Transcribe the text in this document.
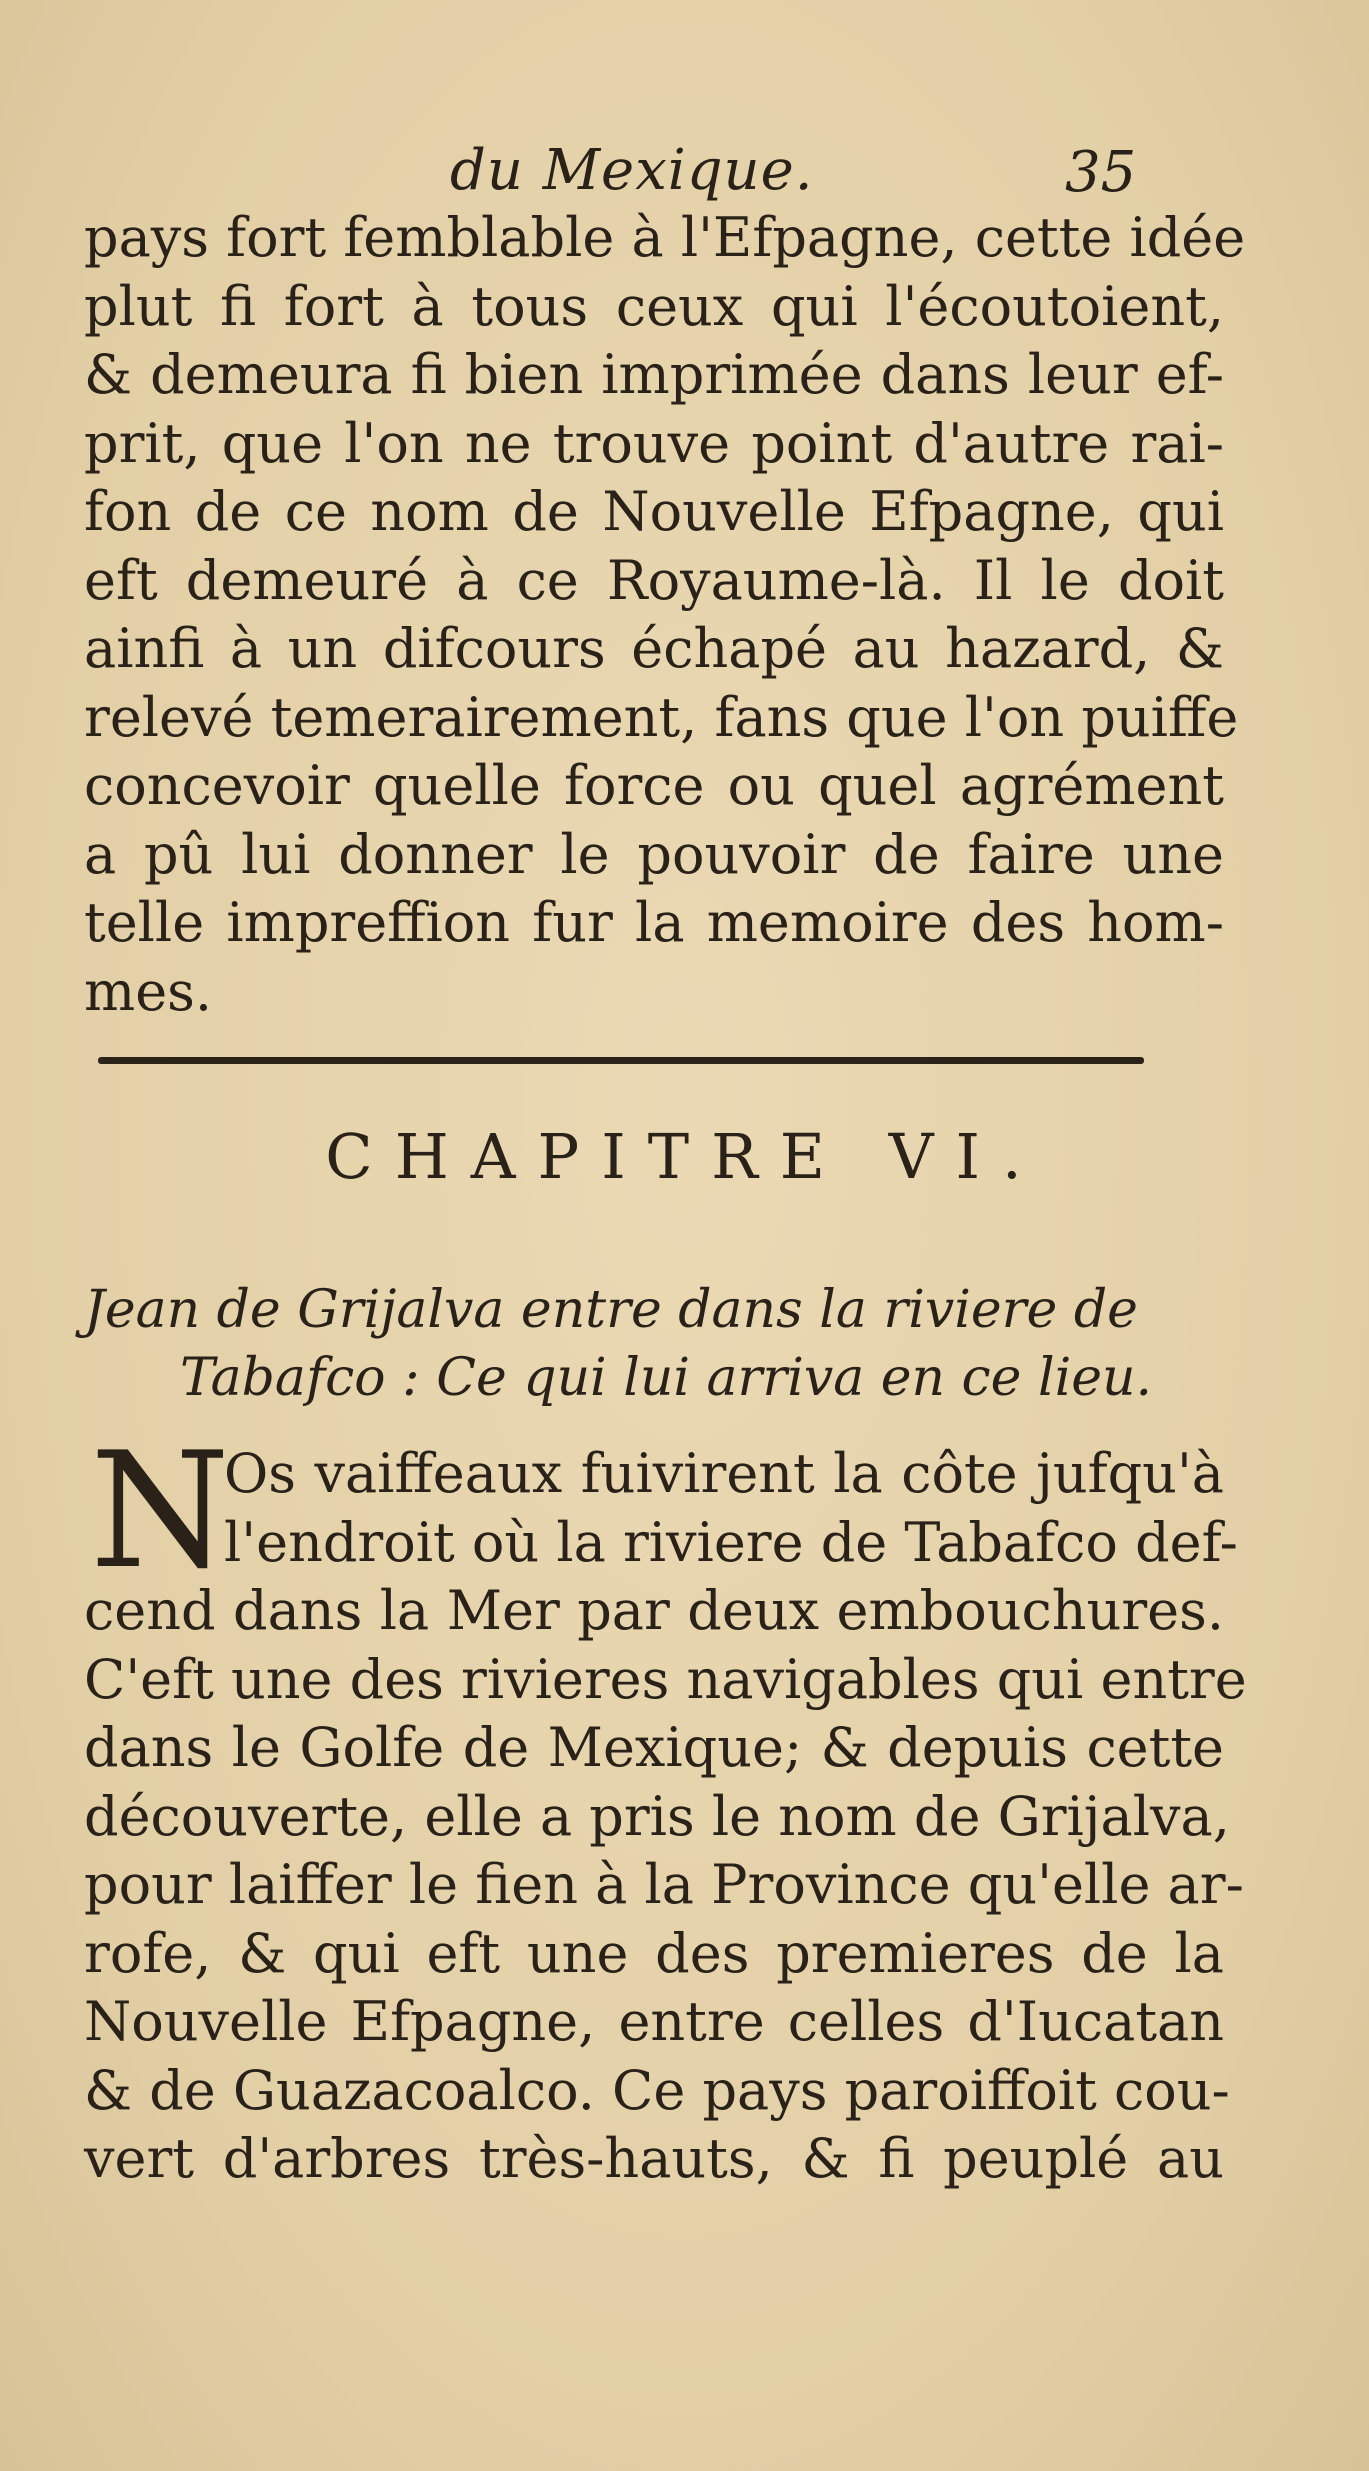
du Mexique.	35
pays fort femblable à l'Efpagne, cette idée
plut fi fort à tous ceux qui l'écoutoient,
& demeura fi bien imprimée dans leur ef-
prit, que l'on ne trouve point d'autre rai-
fon de ce nom de Nouvelle Efpagne, qui
eft demeuré à ce Royaume-là. Il le doit
ainfi à un difcours échapé au hazard, &
relevé temerairement, fans que l'on puiffe
concevoir quelle force ou quel agrément
a pû lui donner le pouvoir de faire une
telle impreffion fur la memoire des hom-
mes.
CHAPITRE VI.
Jean de Grijalva entre dans la riviere de
Tabafco : Ce qui lui arriva en ce lieu.
N
Os vaiffeaux fuivirent la côte jufqu'à
l'endroit où la riviere de Tabafco def-
cend dans la Mer par deux embouchures.
C'eft une des rivieres navigables qui entre
dans le Golfe de Mexique; & depuis cette
découverte, elle a pris le nom de Grijalva,
pour laiffer le fien à la Province qu'elle ar-
rofe, & qui eft une des premieres de la
Nouvelle Efpagne, entre celles d'Iucatan
& de Guazacoalco. Ce pays paroiffoit cou-
vert d'arbres très-hauts, & fi peuplé au
